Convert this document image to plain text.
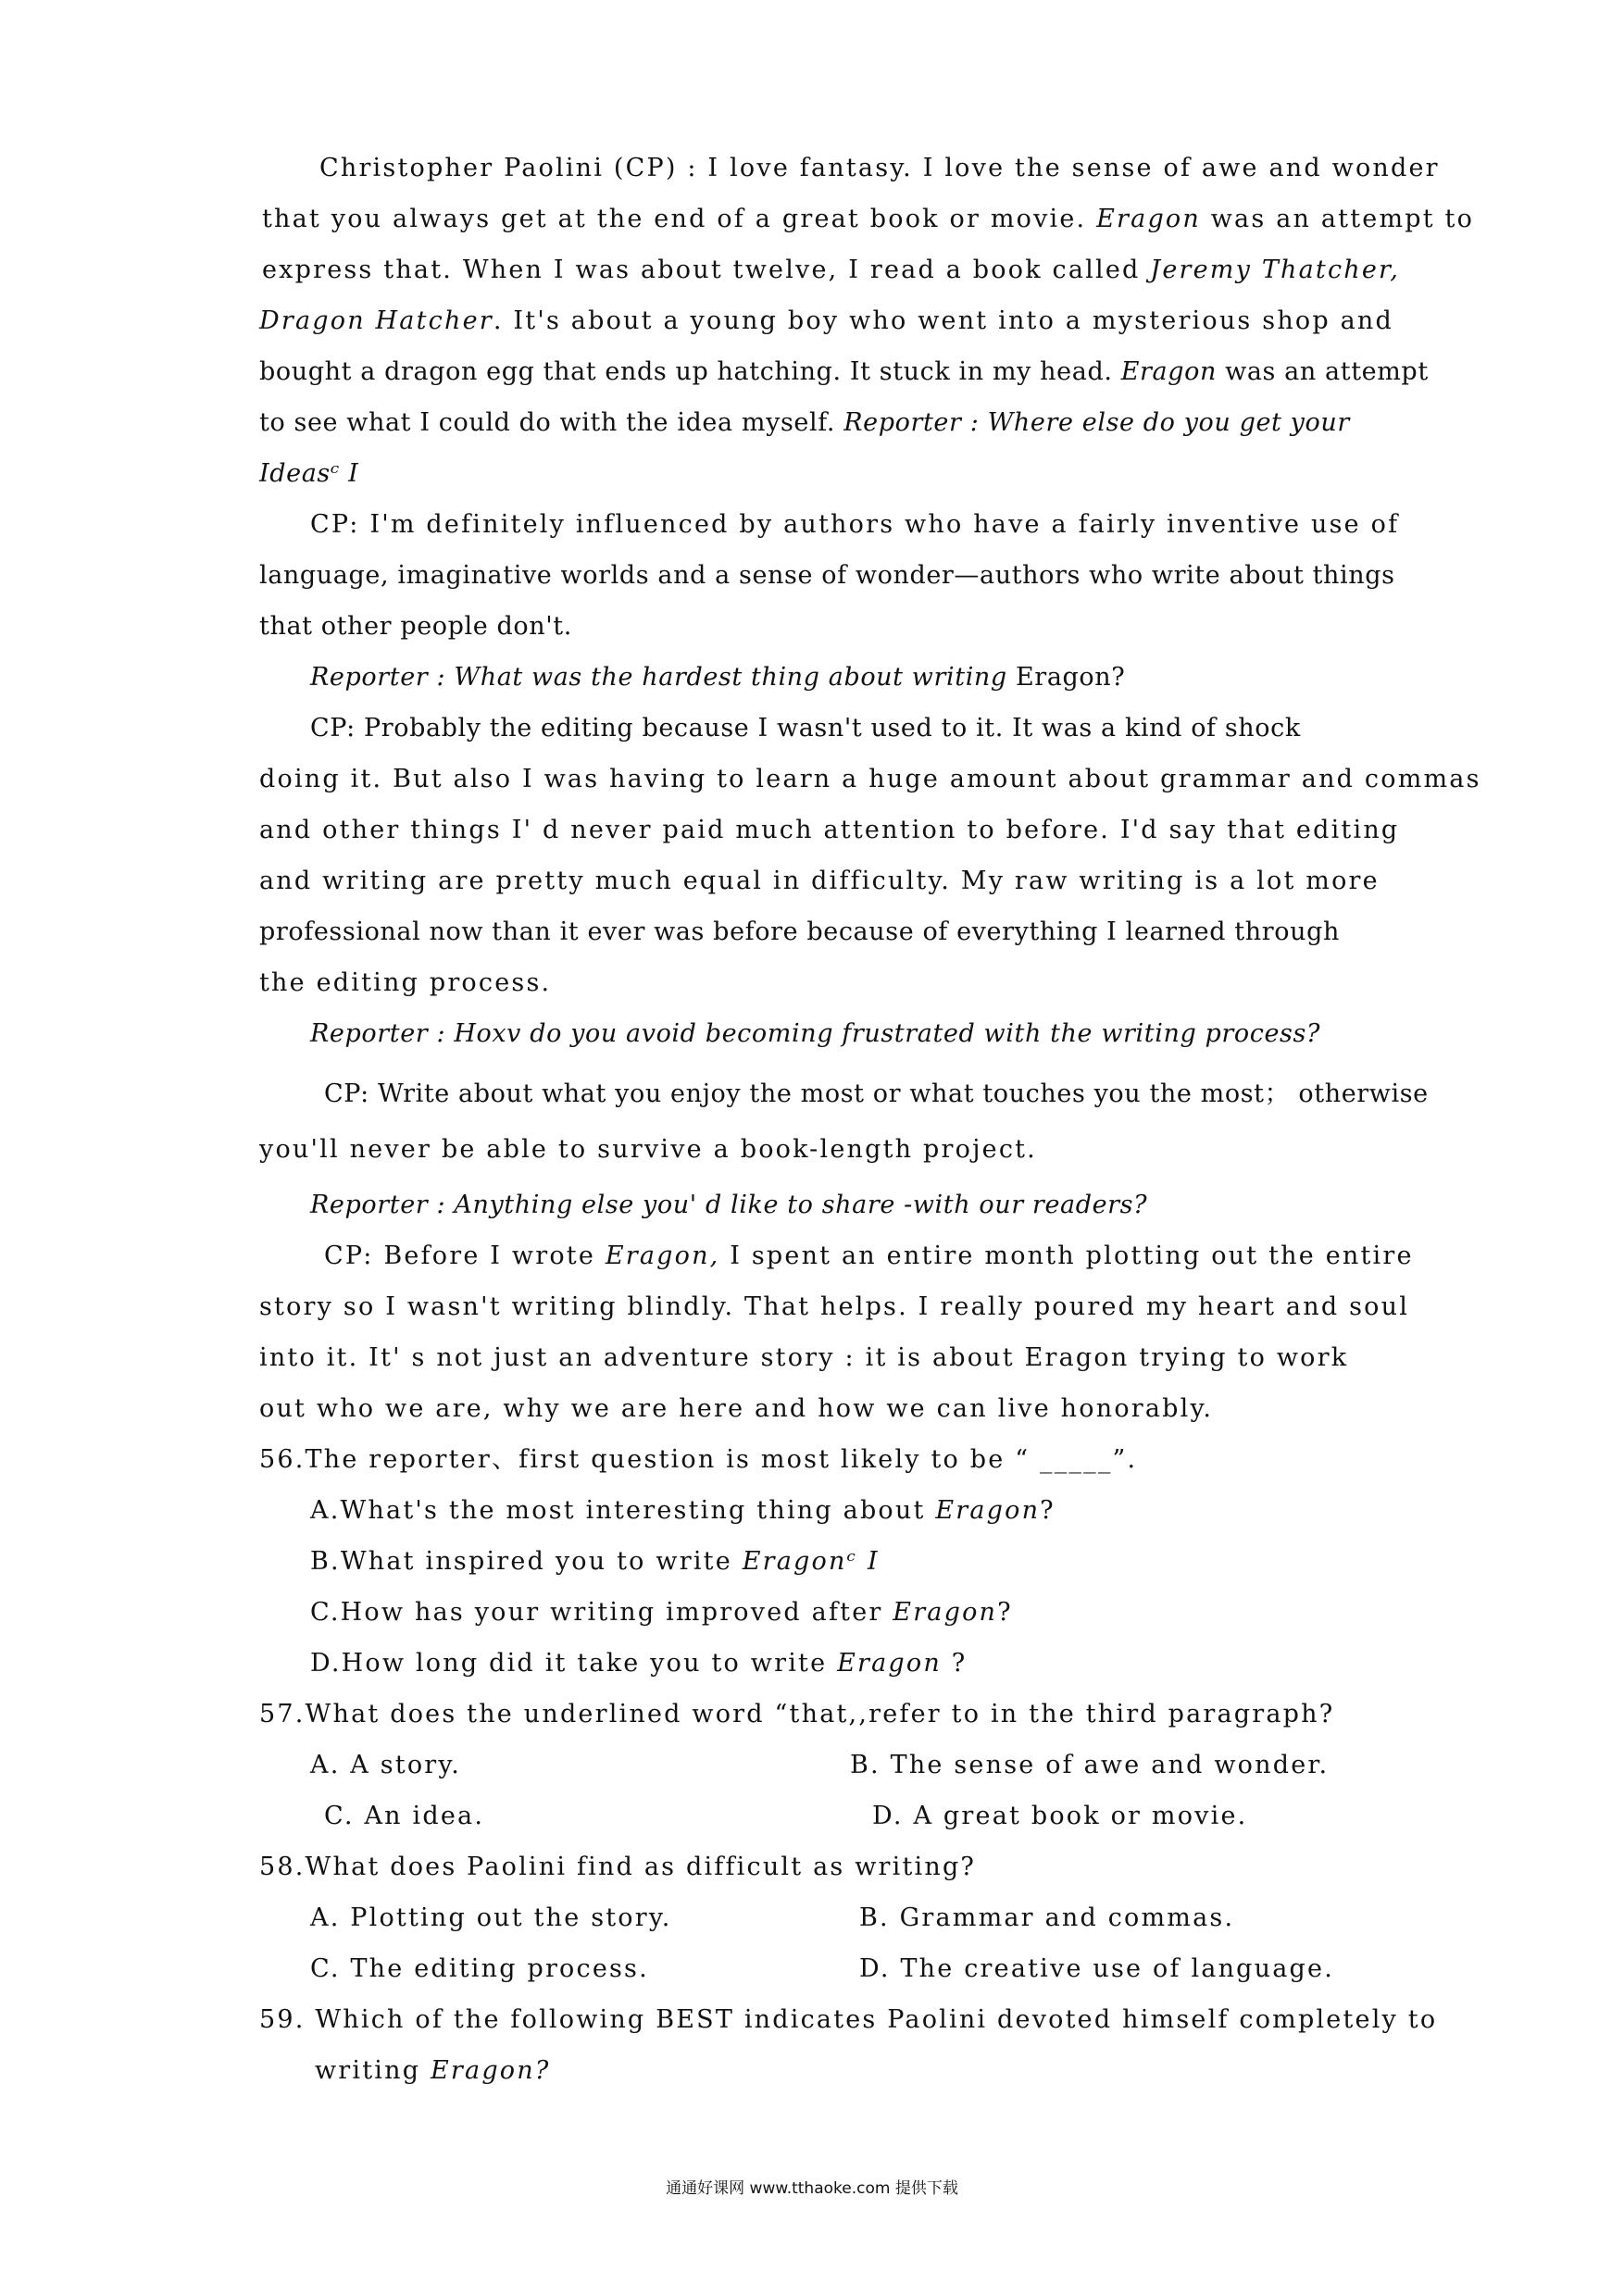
Christopher Paolini (CP) : I love fantasy. I love the sense of awe and wonder
that you always get at the end of a great book or movie. Eragon was an attempt to
express that. When I was about twelve, I read a book called Jeremy Thatcher,
Dragon Hatcher. It's about a young boy who went into a mysterious shop and
bought a dragon egg that ends up hatching. It stuck in my head. Eragon was an attempt
to see what I could do with the idea myself. Reporter : Where else do you get your
Ideasᶜ I
CP: I'm definitely influenced by authors who have a fairly inventive use of
language, imaginative worlds and a sense of wonder—authors who write about things
that other people don't.
Reporter : What was the hardest thing about writing Eragon?
CP: Probably the editing because I wasn't used to it. It was a kind of shock
doing it. But also I was having to learn a huge amount about grammar and commas
and other things I' d never paid much attention to before. I'd say that editing
and writing are pretty much equal in difficulty. My raw writing is a lot more
professional now than it ever was before because of everything I learned through
the editing process.
Reporter : Hoxv do you avoid becoming frustrated with the writing process?
CP: Write about what you enjoy the most or what touches you the most； otherwise
you'll never be able to survive a book-length project.
Reporter : Anything else you' d like to share -with our readers?
CP: Before I wrote Eragon, I spent an entire month plotting out the entire
story so I wasn't writing blindly. That helps. I really poured my heart and soul
into it. It' s not just an adventure story : it is about Eragon trying to work
out who we are, why we are here and how we can live honorably.
56.The reporter、first question is most likely to be “ _____”.
A.What's the most interesting thing about Eragon?
B.What inspired you to write Eragonᶜ I
C.How has your writing improved after Eragon?
D.How long did it take you to write Eragon ?
57.What does the underlined word “that,,refer to in the third paragraph?
A. A story.	B. The sense of awe and wonder.
C. An idea.	D. A great book or movie.
58.What does Paolini find as difficult as writing?
A. Plotting out the story.	B. Grammar and commas.
C. The editing process.	D. The creative use of language.
59. Which of the following BEST indicates Paolini devoted himself completely to
writing Eragon?
通通好课网 www.tthaoke.com 提供下载
